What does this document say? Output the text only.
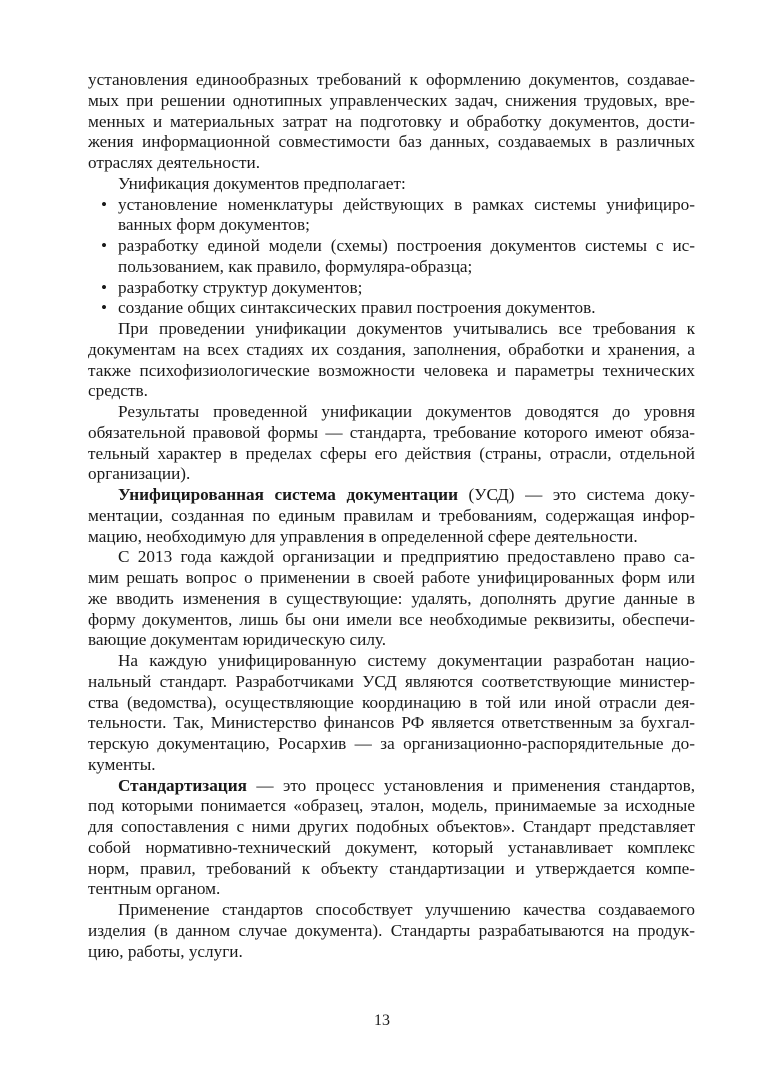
установления единообразных требований к оформлению документов, создавае-
мых при решении однотипных управленческих задач, снижения трудовых, вре-
менных и материальных затрат на подготовку и обработку документов, дости-
жения информационной совместимости баз данных, создаваемых в различных
отраслях деятельности.
Унификация документов предполагает:
• установление номенклатуры действующих в рамках системы унифициро-
ванных форм документов;
• разработку единой модели (схемы) построения документов системы с ис-
пользованием, как правило, формуляра-образца;
• разработку структур документов;
• создание общих синтаксических правил построения документов.
При проведении унификации документов учитывались все требования к
документам на всех стадиях их создания, заполнения, обработки и хранения, а
также психофизиологические возможности человека и параметры технических
средств.
Результаты проведенной унификации документов доводятся до уровня
обязательной правовой формы — стандарта, требование которого имеют обяза-
тельный характер в пределах сферы его действия (страны, отрасли, отдельной
организации).
Унифицированная система документации (УСД) — это система доку-
ментации, созданная по единым правилам и требованиям, содержащая инфор-
мацию, необходимую для управления в определенной сфере деятельности.
С 2013 года каждой организации и предприятию предоставлено право са-
мим решать вопрос о применении в своей работе унифицированных форм или
же вводить изменения в существующие: удалять, дополнять другие данные в
форму документов, лишь бы они имели все необходимые реквизиты, обеспечи-
вающие документам юридическую силу.
На каждую унифицированную систему документации разработан нацио-
нальный стандарт. Разработчиками УСД являются соответствующие министер-
ства (ведомства), осуществляющие координацию в той или иной отрасли дея-
тельности. Так, Министерство финансов РФ является ответственным за бухгал-
терскую документацию, Росархив — за организационно-распорядительные до-
кументы.
Стандартизация — это процесс установления и применения стандартов,
под которыми понимается «образец, эталон, модель, принимаемые за исходные
для сопоставления с ними других подобных объектов». Стандарт представляет
собой нормативно-технический документ, который устанавливает комплекс
норм, правил, требований к объекту стандартизации и утверждается компе-
тентным органом.
Применение стандартов способствует улучшению качества создаваемого
изделия (в данном случае документа). Стандарты разрабатываются на продук-
цию, работы, услуги.
13
